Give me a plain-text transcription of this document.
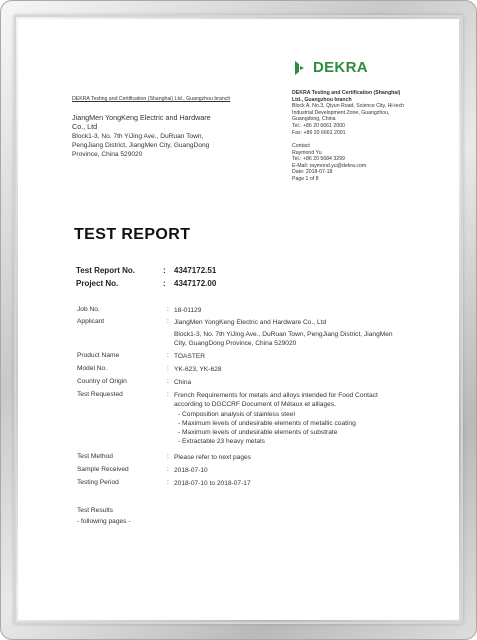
DEKRA Testing and Certification (Shanghai) Ltd., Guangzhou branch
JiangMen YongKeng Electric and Hardware
Co., Ltd
Block1-3, No. 7th YiJing Ave., DuRuan Town,
PengJiang District, JiangMen City, GuangDong
Province, China 529020
DEKRA
DEKRA Testing and Certification (Shanghai)
Ltd., Guangzhou branch
Block A, No.3, Qiyun Road, Science City, Hi-tech
Industrial Development Zone, Guangzhou,
Guangdong, China
Tel.: +86 20 6661 2000
Fax: +86 20 6661 2001
Contact
Raymond Yu
Tel.: +86 20 5684 3299
E-Mail: raymond.yu@dekra.com
Date: 2018-07-18
Page 1 of 8
TEST REPORT
Test Report No.	: 4347172.51
Project No.	: 4347172.00
Job No.	: 18-01129
Applicant	: JiangMen YongKeng Electric and Hardware Co., Ltd
Block1-3, No. 7th YiJing Ave., DuRuan Town, PengJiang District, JiangMen
City, GuangDong Province, China 529020
Product Name	: TOASTER
Model No.	: YK-623, YK-628
Country of Origin	: China
Test Requested	: French Requirements for metals and alloys intended for Food Contact
according to DGCCRF Document of Métaux et alliages.
- Composition analysis of stainless steel
- Maximum levels of undesirable elements of metallic coating
- Maximum levels of undesirable elements of substrate
- Extractable 23 heavy metals
Test Method	: Please refer to next pages
Sample Received	: 2018-07-10
Testing Period	: 2018-07-10 to 2018-07-17
Test Results
- following pages -
